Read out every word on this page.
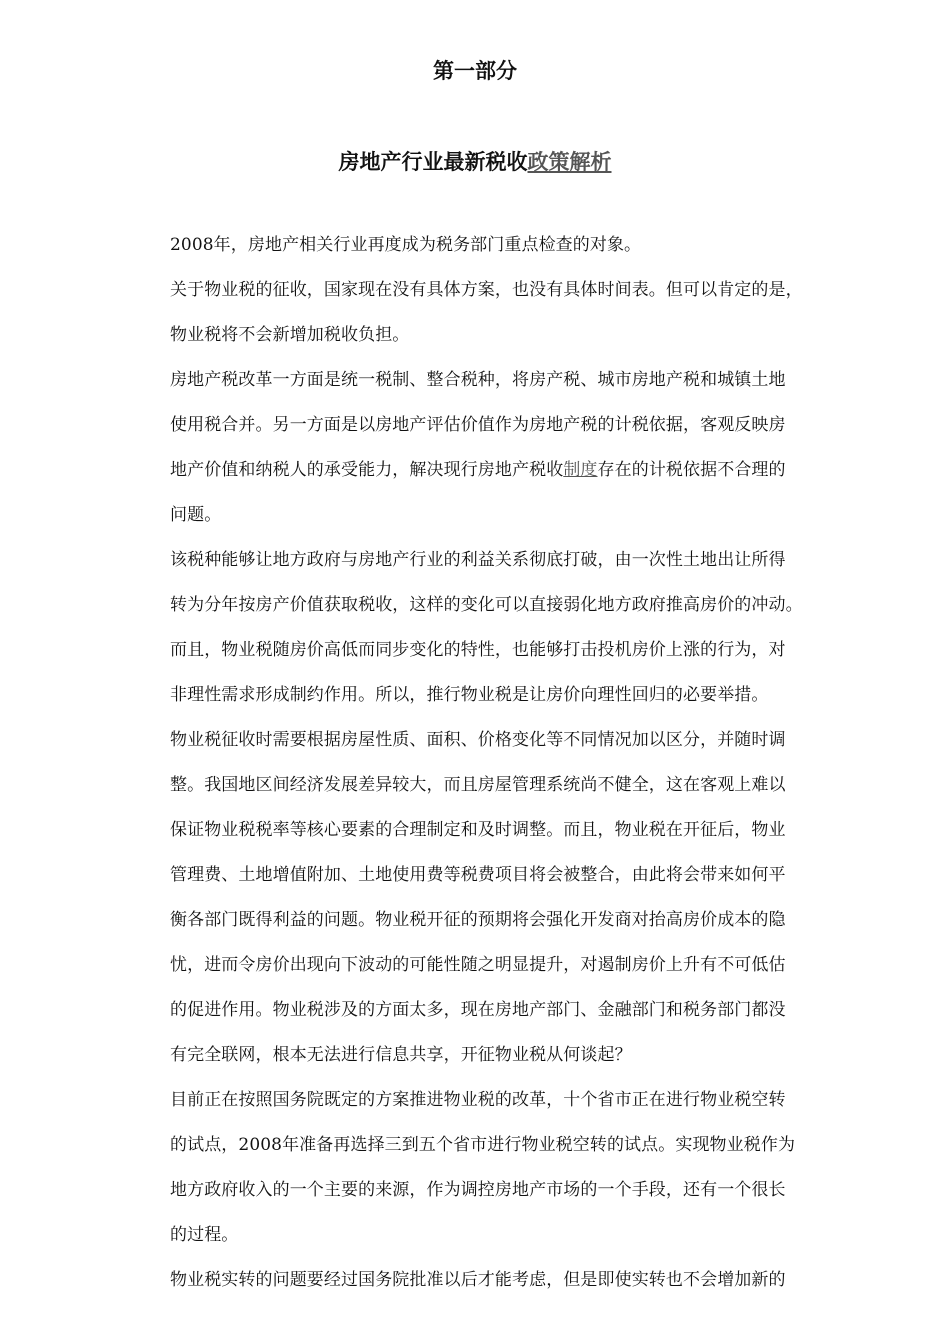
第一部分
房地产行业最新税收政策解析
2008年，房地产相关行业再度成为税务部门重点检查的对象。
关于物业税的征收，国家现在没有具体方案，也没有具体时间表。但可以肯定的是，
物业税将不会新增加税收负担。
房地产税改革一方面是统一税制、整合税种，将房产税、城市房地产税和城镇土地
使用税合并。另一方面是以房地产评估价值作为房地产税的计税依据，客观反映房
地产价值和纳税人的承受能力，解决现行房地产税收制度存在的计税依据不合理的
问题。
该税种能够让地方政府与房地产行业的利益关系彻底打破，由一次性土地出让所得
转为分年按房产价值获取税收，这样的变化可以直接弱化地方政府推高房价的冲动。
而且，物业税随房价高低而同步变化的特性，也能够打击投机房价上涨的行为，对
非理性需求形成制约作用。所以，推行物业税是让房价向理性回归的必要举措。
物业税征收时需要根据房屋性质、面积、价格变化等不同情况加以区分，并随时调
整。我国地区间经济发展差异较大，而且房屋管理系统尚不健全，这在客观上难以
保证物业税税率等核心要素的合理制定和及时调整。而且，物业税在开征后，物业
管理费、土地增值附加、土地使用费等税费项目将会被整合，由此将会带来如何平
衡各部门既得利益的问题。物业税开征的预期将会强化开发商对抬高房价成本的隐
忧，进而令房价出现向下波动的可能性随之明显提升，对遏制房价上升有不可低估
的促进作用。物业税涉及的方面太多，现在房地产部门、金融部门和税务部门都没
有完全联网，根本无法进行信息共享，开征物业税从何谈起？
目前正在按照国务院既定的方案推进物业税的改革，十个省市正在进行物业税空转
的试点，2008年准备再选择三到五个省市进行物业税空转的试点。实现物业税作为
地方政府收入的一个主要的来源，作为调控房地产市场的一个手段，还有一个很长
的过程。
物业税实转的问题要经过国务院批准以后才能考虑，但是即使实转也不会增加新的
